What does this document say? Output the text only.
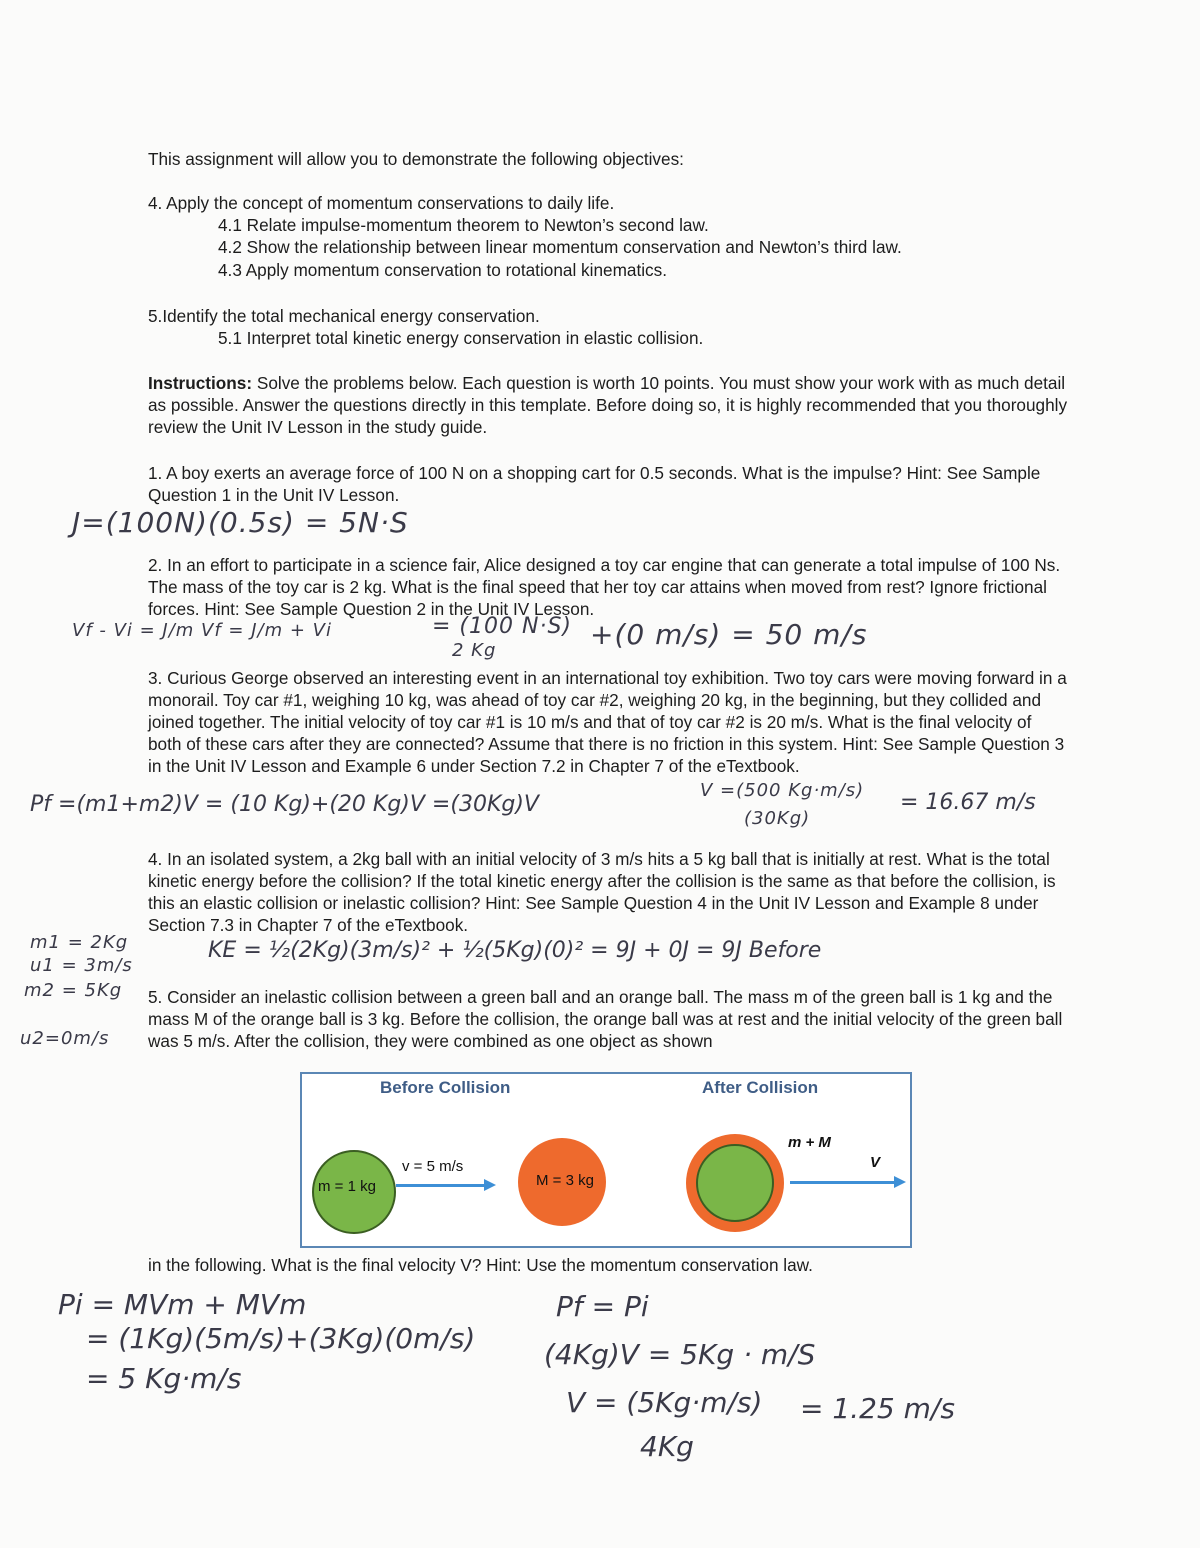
This assignment will allow you to demonstrate the following objectives:

4. Apply the concept of momentum conservations to daily life.

4.1 Relate impulse-momentum theorem to Newton’s second law.

4.2 Show the relationship between linear momentum conservation and Newton’s third law.

4.3 Apply momentum conservation to rotational kinematics.

5.Identify the total mechanical energy conservation.

5.1 Interpret total kinetic energy conservation in elastic collision.

Instructions: Solve the problems below. Each question is worth 10 points. You must show your work with as much detail as possible. Answer the questions directly in this template. Before doing so, it is highly recommended that you thoroughly review the Unit IV Lesson in the study guide.

1. A boy exerts an average force of 100 N on a shopping cart for 0.5 seconds. What is the impulse? Hint: See Sample Question 1 in the Unit IV Lesson.

J=(100N)(0.5s) = 5N·S

2. In an effort to participate in a science fair, Alice designed a toy car engine that can generate a total impulse of 100 Ns. The mass of the toy car is 2 kg. What is the final speed that her toy car attains when moved from rest? Ignore frictional forces. Hint: See Sample Question 2 in the Unit IV Lesson.

Vf - Vi = J/m Vf = J/m + Vi	= (100 N·S)
2 Kg	+(0 m/s) = 50 m/s

3. Curious George observed an interesting event in an international toy exhibition. Two toy cars were moving forward in a monorail. Toy car #1, weighing 10 kg, was ahead of toy car #2, weighing 20 kg, in the beginning, but they collided and joined together. The initial velocity of toy car #1 is 10 m/s and that of toy car #2 is 20 m/s. What is the final velocity of both of these cars after they are connected? Assume that there is no friction in this system. Hint: See Sample Question 3 in the Unit IV Lesson and Example 6 under Section 7.2 in Chapter 7 of the eTextbook.

Pf =(m1+m2)V = (10 Kg)+(20 Kg)V =(30Kg)V
V =(500 Kg·m/s)
(30Kg)
= 16.67 m/s

4. In an isolated system, a 2kg ball with an initial velocity of 3 m/s hits a 5 kg ball that is initially at rest. What is the total kinetic energy before the collision? If the total kinetic energy after the collision is the same as that before the collision, is this an elastic collision or inelastic collision? Hint: See Sample Question 4 in the Unit IV Lesson and Example 8 under Section 7.3 in Chapter 7 of the eTextbook.

m1 = 2Kg
u1 = 3m/s
m2 = 5Kg
u2=0m/s
KE = ½(2Kg)(3m/s)² + ½(5Kg)(0)² = 9J + 0J = 9J Before

5. Consider an inelastic collision between a green ball and an orange ball. The mass m of the green ball is 1 kg and the mass M of the orange ball is 3 kg. Before the collision, the orange ball was at rest and the initial velocity of the green ball was 5 m/s. After the collision, they were combined as one object as shown

Before Collision	After Collision
m = 1 kg
v = 5 m/s
M = 3 kg
m + M
V

in the following. What is the final velocity V? Hint: Use the momentum conservation law.

Pi = MVm + MVm
= (1Kg)(5m/s)+(3Kg)(0m/s)
= 5 Kg·m/s
Pf = Pi
(4Kg)V = 5Kg · m/S
V = (5Kg·m/s) = 1.25 m/s
4Kg
